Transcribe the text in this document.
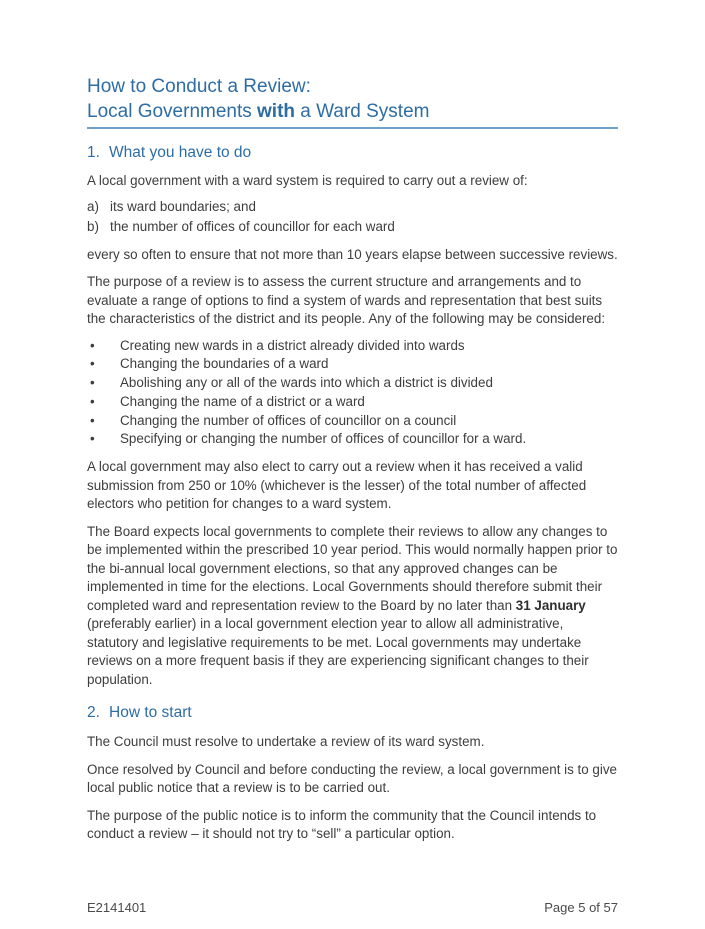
How to Conduct a Review:
Local Governments with a Ward System
1. What you have to do

A local government with a ward system is required to carry out a review of:

a) its ward boundaries; and
b) the number of offices of councillor for each ward

every so often to ensure that not more than 10 years elapse between successive reviews.

The purpose of a review is to assess the current structure and arrangements and to evaluate a range of options to find a system of wards and representation that best suits the characteristics of the district and its people. Any of the following may be considered:

•	Creating new wards in a district already divided into wards
•	Changing the boundaries of a ward
•	Abolishing any or all of the wards into which a district is divided
•	Changing the name of a district or a ward
•	Changing the number of offices of councillor on a council
•	Specifying or changing the number of offices of councillor for a ward.

A local government may also elect to carry out a review when it has received a valid submission from 250 or 10% (whichever is the lesser) of the total number of affected electors who petition for changes to a ward system.

The Board expects local governments to complete their reviews to allow any changes to be implemented within the prescribed 10 year period. This would normally happen prior to the bi-annual local government elections, so that any approved changes can be implemented in time for the elections. Local Governments should therefore submit their completed ward and representation review to the Board by no later than 31 January (preferably earlier) in a local government election year to allow all administrative, statutory and legislative requirements to be met. Local governments may undertake reviews on a more frequent basis if they are experiencing significant changes to their population.

2. How to start

The Council must resolve to undertake a review of its ward system.

Once resolved by Council and before conducting the review, a local government is to give local public notice that a review is to be carried out.

The purpose of the public notice is to inform the community that the Council intends to conduct a review – it should not try to “sell” a particular option.

E2141401	Page 5 of 57
